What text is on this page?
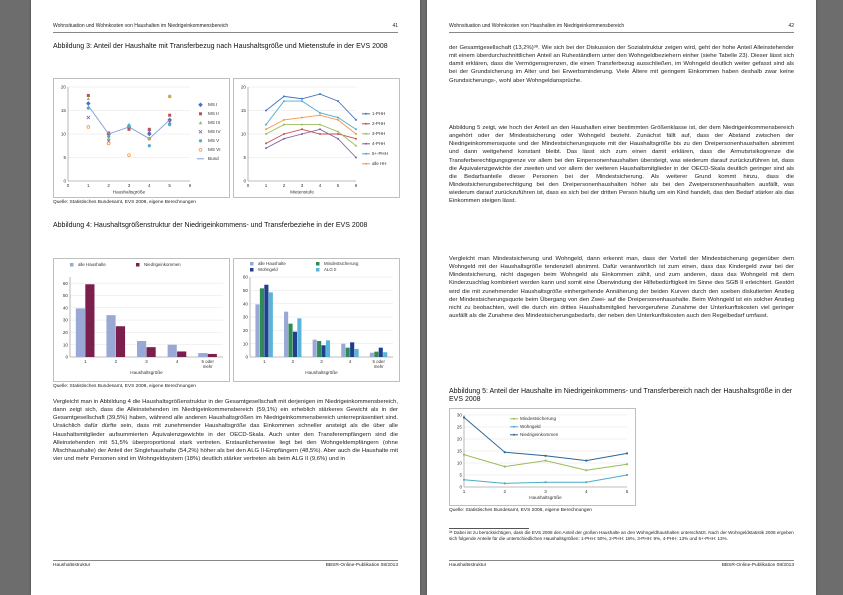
Wohnsituation und Wohnkosten von Haushalten im Niedrigeinkommensbereich	41
Abbildung 3: Anteil der Haushalte mit Transferbezug nach Haushaltsgröße und Mietenstufe in der EVS 2008
0
5
10
15
20
0	1	2	3	4	5	6
Haushaltsgröße
MS I
MS II
MS III
MS IV
MS V
MS VI
Bund
0
5
10
15
20
0	1	2	3	4	5	6
Mietenstufe
1-PHH
2-PHH
3-PHH
4-PHH
5+-PHH
alle HH
Quelle: Statistisches Bundesamt, EVS 2008, eigene Berechnungen
Abbildung 4: Haushaltsgrößenstruktur der Niedrigeinkommens- und Transferbeziehe in der EVS 2008
0
10
20
30
40
50
60
1	2	3	4	5 oder
mehr
Haushaltsgröße
alle Haushalte	Niedrigeinkommen
0
10
20
30
40
50
60
1	2	3	4	5 oder
mehr
Haushaltsgröße
alle Haushalte	Mindestsicherung
Wohngeld	ALG II
Quelle: Statistisches Bundesamt, EVS 2008, eigene Berechnungen

Vergleicht man in Abbildung 4 die Haushaltsgrößenstruktur in der Gesamtgesellschaft mit derjenigen im Niedrigeinkommensbereich, dann zeigt sich, dass die Alleinstehenden im Niedrigeinkommensbereich (59,1%) ein erheblich stärkeres Gewicht als in der Gesamtgesellschaft (39,5%) haben, während alle anderen Haushaltsgrößen im Niedrigeinkommensbereich unterrepräsentiert sind. Ursächlich dafür dürfte sein, dass mit zunehmender Haushaltsgröße das Einkommen schneller ansteigt als die über alle Haushaltsmitglieder aufsummierten Äquivalenzgewichte in der OECD-Skala. Auch unter den Transferempfängern sind die Alleinstehenden mit 51,5% überproportional stark vertreten. Erstaunlicherweise liegt bei den Wohngeldempfängern (ohne Mischhaushalte) der Anteil der Singlehaushalte (54,2%) höher als bei den ALG II-Empfängern (48,5%). Aber auch die Haushalte mit vier und mehr Personen sind im Wohngeldsystem (18%) deutlich stärker vertreten als beim ALG II (9,6%) und in

Haushaltsstruktur	BBSR-Online-Publikation 08/2013
Wohnsituation und Wohnkosten von Haushalten im Niedrigeinkommensbereich	42

der Gesamtgesellschaft (13,2%)³⁸. Wie sich bei der Diskussion der Sozialstruktur zeigen wird, geht der hohe Anteil Alleinstehender mit einem überdurchschnittlichen Anteil an Ruheständlern unter den Wohngeldbeziehern einher (siehe Tabelle 23). Dieser lässt sich damit erklären, dass die Vermögensgrenzen, die einen Transferbezug ausschließen, im Wohngeld deutlich weiter gefasst sind als bei der Grundsicherung im Alter und bei Erwerbsminderung. Viele Ältere mit geringem Einkommen haben deshalb zwar keine Grundsicherungs-, wohl aber Wohngeldansprüche.

Abbildung 5 zeigt, wie hoch der Anteil an den Haushalten einer bestimmten Größenklasse ist, der dem Niedrigeinkommensbereich angehört oder der Mindestsicherung oder Wohngeld bezieht. Zunächst fällt auf, dass der Abstand zwischen der Niedrigeinkommensquote und der Mindestsicherungsquote mit der Haushaltsgröße bis zu den Dreipersonenhaushalten abnimmt und dann weitgehend konstant bleibt. Das lässt sich zum einen damit erklären, dass die Armutsrisikogrenze die Transferberechtigungsgrenze vor allem bei den Einpersonenhaushalten übersteigt, was wiederum darauf zurückzuführen ist, dass die Äquivalenzgewichte der zweiten und vor allem der weiteren Haushaltsmitglieder in der OECD-Skala deutlich geringer sind als die Bedarfsanteile dieser Personen bei der Mindestsicherung. Als weiterer Grund kommt hinzu, dass die Mindestsicherungsberechtigung bei den Dreipersonenhaushalten höher als bei den Zweipersonenhaushalten ausfällt, was wiederum darauf zurückzuführen ist, dass es sich bei der dritten Person häufig um ein Kind handelt, das den Bedarf stärker als das Einkommen steigen lässt.

Vergleicht man Mindestsicherung und Wohngeld, dann erkennt man, dass der Vorteil der Mindestsicherung gegenüber dem Wohngeld mit der Haushaltsgröße tendenziell abnimmt. Dafür verantwortlich ist zum einen, dass das Kindergeld zwar bei der Mindestsicherung, nicht dagegen beim Wohngeld als Einkommen zählt, und zum anderen, dass das Wohngeld mit dem Kinderzuschlag kombiniert werden kann und somit eine Überwindung der Hilfebedürftigkeit im Sinne des SGB II erleichtert. Gestört wird die mit zunehmender Haushaltsgröße einhergehende Annäherung der beiden Kurven durch den soeben diskutierten Anstieg der Mindestsicherungsquote beim Übergang von den Zwei- auf die Dreipersonenhaushalte. Beim Wohngeld ist ein solcher Anstieg nicht zu beobachten, weil die durch ein drittes Haushaltsmitglied hervorgerufene Zunahme der Unterkunftskosten viel geringer ausfällt als die Zunahme des Mindestsicherungsbedarfs, der neben den Unterkunftskosten auch den Regelbedarf umfasst.

Abbildung 5: Anteil der Haushalte im Niedrigeinkommens- und Transferbereich nach der Haushaltsgröße in der EVS 2008
0
5
10
15
20
25
30
1	2	3	4	5
Haushaltsgröße
Mindestsicherung
Wohngeld
Niedrigeinkommen
Quelle: Statistisches Bundesamt, EVS 2008, eigene Berechnungen
³⁸ Dabei ist zu berücksichtigen, dass die EVS 2008 den Anteil der großen Haushalte an den Wohngeldhaushalten unterschätzt. Nach der Wohngeldstatistik 2008 ergeben sich folgende Anteile für die unterschiedlichen Haushaltsgrößen: 1-PHH: 50%, 2-PHH: 18%, 3-PHH: 9%, 4-PHH: 13% und 5+-PHH: 13%.
Haushaltsstruktur	BBSR-Online-Publikation 08/2013
